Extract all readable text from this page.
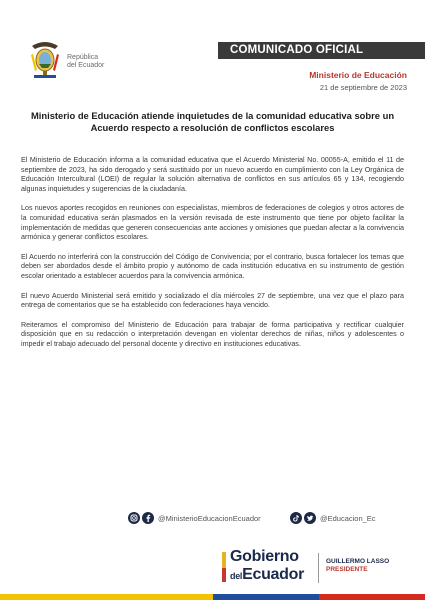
República
del Ecuador
COMUNICADO OFICIAL
Ministerio de Educación
21 de septiembre de 2023
Ministerio de Educación atiende inquietudes de la comunidad educativa sobre un Acuerdo respecto a resolución de conflictos escolares

El Ministerio de Educación informa a la comunidad educativa que el Acuerdo Ministerial No. 00055-A, emitido el 11 de septiembre de 2023, ha sido derogado y será sustituido por un nuevo acuerdo en cumplimiento con la Ley Orgánica de Educación Intercultural (LOEI) de regular la solución alternativa de conflictos en sus artículos 65 y 134, recogiendo algunas inquietudes y sugerencias de la ciudadanía.

Los nuevos aportes recogidos en reuniones con especialistas, miembros de federaciones de colegios y otros actores de la comunidad educativa serán plasmados en la versión revisada de este instrumento que tiene por objeto facilitar la implementación de medidas que generen consecuencias ante acciones y omisiones que puedan afectar a la convivencia armónica y generar conflictos escolares.

El Acuerdo no interferirá con la construcción del Código de Convivencia; por el contrario, busca fortalecer los temas que deben ser abordados desde el ámbito propio y autónomo de cada institución educativa en su instrumento de gestión escolar orientado a establecer acuerdos para la convivencia armónica.

El nuevo Acuerdo Ministerial será emitido y socializado el día miércoles 27 de septiembre, una vez que el plazo para entrega de comentarios que se ha establecido con federaciones haya vencido.

Reiteramos el compromiso del Ministerio de Educación para trabajar de forma participativa y rectificar cualquier disposición que en su redacción o interpretación devengan en violentar derechos de niñas, niños y adolescentes o impedir el trabajo adecuado del personal docente y directivo en instituciones educativas.

@MinisterioEducacionEcuador	@Educacion_Ec
Gobierno
delEcuador
GUILLERMO LASSO
PRESIDENTE
